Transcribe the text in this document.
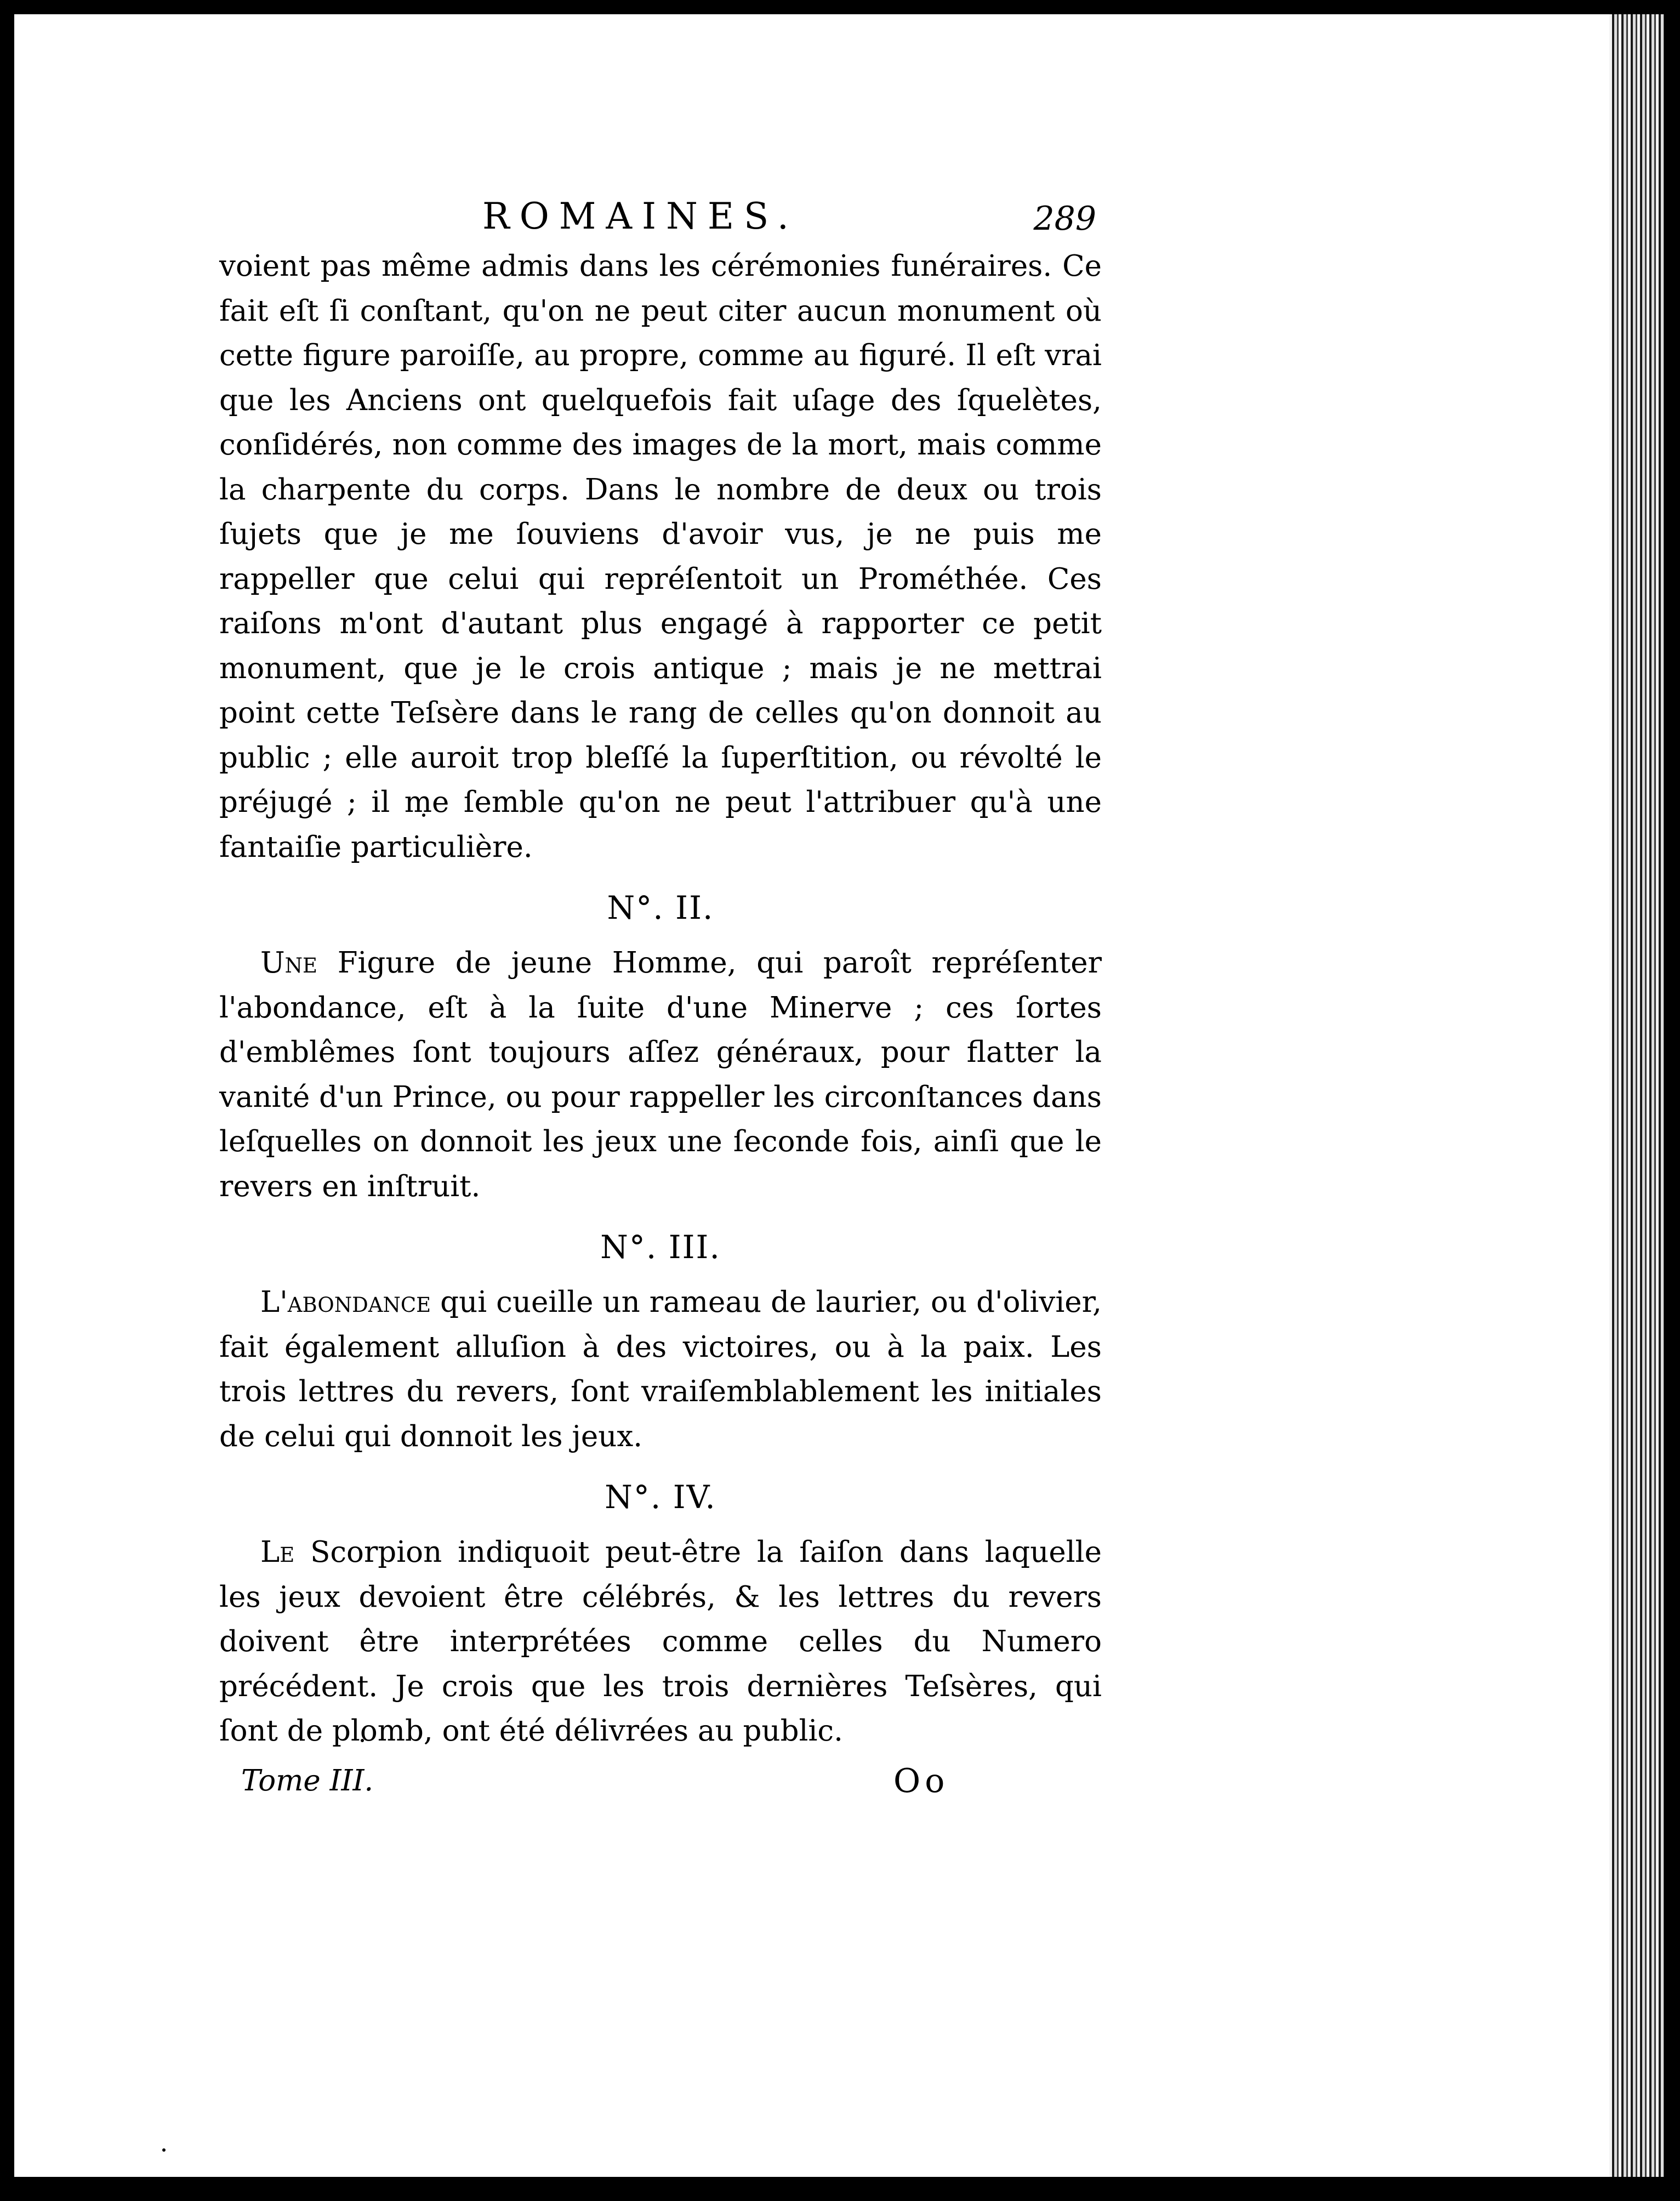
ROMAINES.	289

voient pas même admis dans les cérémonies funéraires. Ce fait eſt ſi conſtant, qu'on ne peut citer aucun monument où cette figure paroiſſe, au propre, comme au figuré. Il eſt vrai que les Anciens ont quelquefois fait uſage des ſquelètes, conſidérés, non comme des images de la mort, mais comme la charpente du corps. Dans le nombre de deux ou trois ſujets que je me ſouviens d'avoir vus, je ne puis me rappeller que celui qui repréſentoit un Prométhée. Ces raiſons m'ont d'autant plus engagé à rapporter ce petit monument, que je le crois antique ; mais je ne mettrai point cette Teſsère dans le rang de celles qu'on donnoit au public ; elle auroit trop bleſſé la ſuperſtition, ou révolté le préjugé ; il me ſemble qu'on ne peut l'attribuer qu'à une fantaiſie particulière.

N°. II.

Une Figure de jeune Homme, qui paroît repréſenter l'abondance, eſt à la ſuite d'une Minerve ; ces ſortes d'emblêmes ſont toujours aſſez généraux, pour flatter la vanité d'un Prince, ou pour rappeller les circonſtances dans leſquelles on donnoit les jeux une ſeconde fois, ainſi que le revers en inſtruit.

N°. III.

L'abondance qui cueille un rameau de laurier, ou d'olivier, fait également alluſion à des victoires, ou à la paix. Les trois lettres du revers, ſont vraiſemblablement les initiales de celui qui donnoit les jeux.

N°. IV.

Le Scorpion indiquoit peut-être la ſaiſon dans laquelle les jeux devoient être célébrés, & les lettres du revers doivent être interprétées comme celles du Numero précédent. Je crois que les trois dernières Teſsères, qui ſont de plomb, ont été délivrées au public.

Tome III.	Oo
